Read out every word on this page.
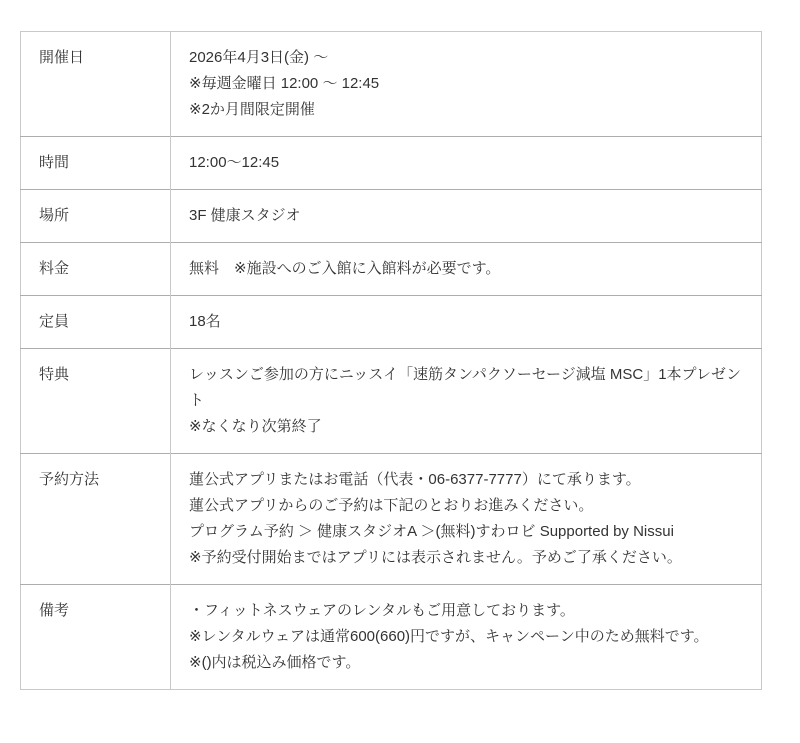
開催日	2026年4月3日(金) ～
※毎週金曜日 12:00 ～ 12:45
※2か月間限定開催

時間	12:00～12:45

場所	3F 健康スタジオ

料金	無料　※施設へのご入館に入館料が必要です。

定員	18名

特典	レッスンご参加の方にニッスイ「速筋タンパクソーセージ減塩 MSC」1本プレゼント
※なくなり次第終了

予約方法	蓮公式アプリまたはお電話（代表・06-6377-7777）にて承ります。
蓮公式アプリからのご予約は下記のとおりお進みください。
プログラム予約 ＞ 健康スタジオA ＞(無料)すわロビ Supported by Nissui
※予約受付開始まではアプリには表示されません。予めご了承ください。

備考	・フィットネスウェアのレンタルもご用意しております。
※レンタルウェアは通常600(660)円ですが、キャンペーン中のため無料です。
※()内は税込み価格です。
